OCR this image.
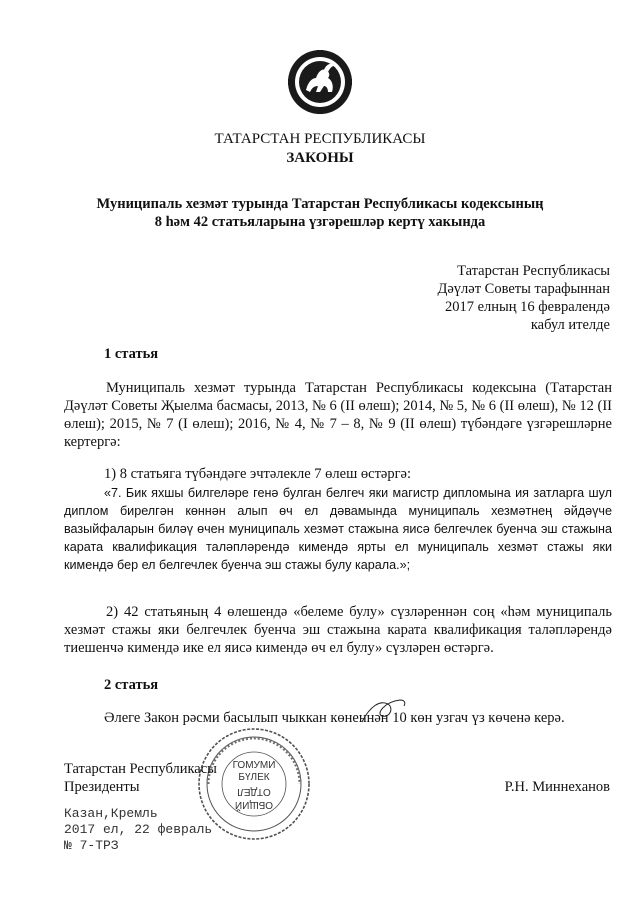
ТАТАРСТАН РЕСПУБЛИКАСЫ
ЗАКОНЫ
Муниципаль хезмәт турында Татарстан Республикасы кодексының
8 һәм 42 статьяларына үзгәрешләр кертү хакында
Татарстан Республикасы
Дәүләт Советы тарафыннан
2017 елның 16 февралендә
кабул ителде
1 статья
Муниципаль хезмәт турында Татарстан Республикасы кодексына (Татарстан Дәүләт Советы Җыелма басмасы, 2013, № 6 (II өлеш); 2014, № 5, № 6 (II өлеш), № 12 (II өлеш); 2015, № 7 (I өлеш); 2016, № 4, № 7 – 8, № 9 (II өлеш) түбәндәге үзгәрешләрне кертергә:
1) 8 статьяга түбәндәге эчтәлекле 7 өлеш өстәргә:
«7. Бик яхшы билгеләре генә булган белгеч яки магистр дипломына ия затларга шул диплом бирелгән көннән алып өч ел дәвамында муниципаль хезмәтнең әйдәүче вазыйфаларын биләү өчен муниципаль хезмәт стажына яисә белгечлек буенча эш стажына карата квалификация таләпләрендә кимендә ярты ел муниципаль хезмәт стажы яки кимендә бер ел белгечлек буенча эш стажы булу карала.»;
2) 42 статьяның 4 өлешендә «белеме булу» сүзләреннән соң «һәм муниципаль хезмәт стажы яки белгечлек буенча эш стажына карата квалификация таләпләрендә тиешенчә кимендә ике ел яисә кимендә өч ел булу» сүзләрен өстәргә.
2 статья
Әлеге Закон рәсми басылып чыккан көненнән 10 көн узгач үз көченә керә.
ГОМУМИ
БҮЛЕК
ОТДЕЛ
ОБЩИЙ
Татарстан Республикасы
Президенты	Р.Н. Миннеханов
Казан,Кремль
2017 ел, 22 февраль
№ 7-ТРЗ
